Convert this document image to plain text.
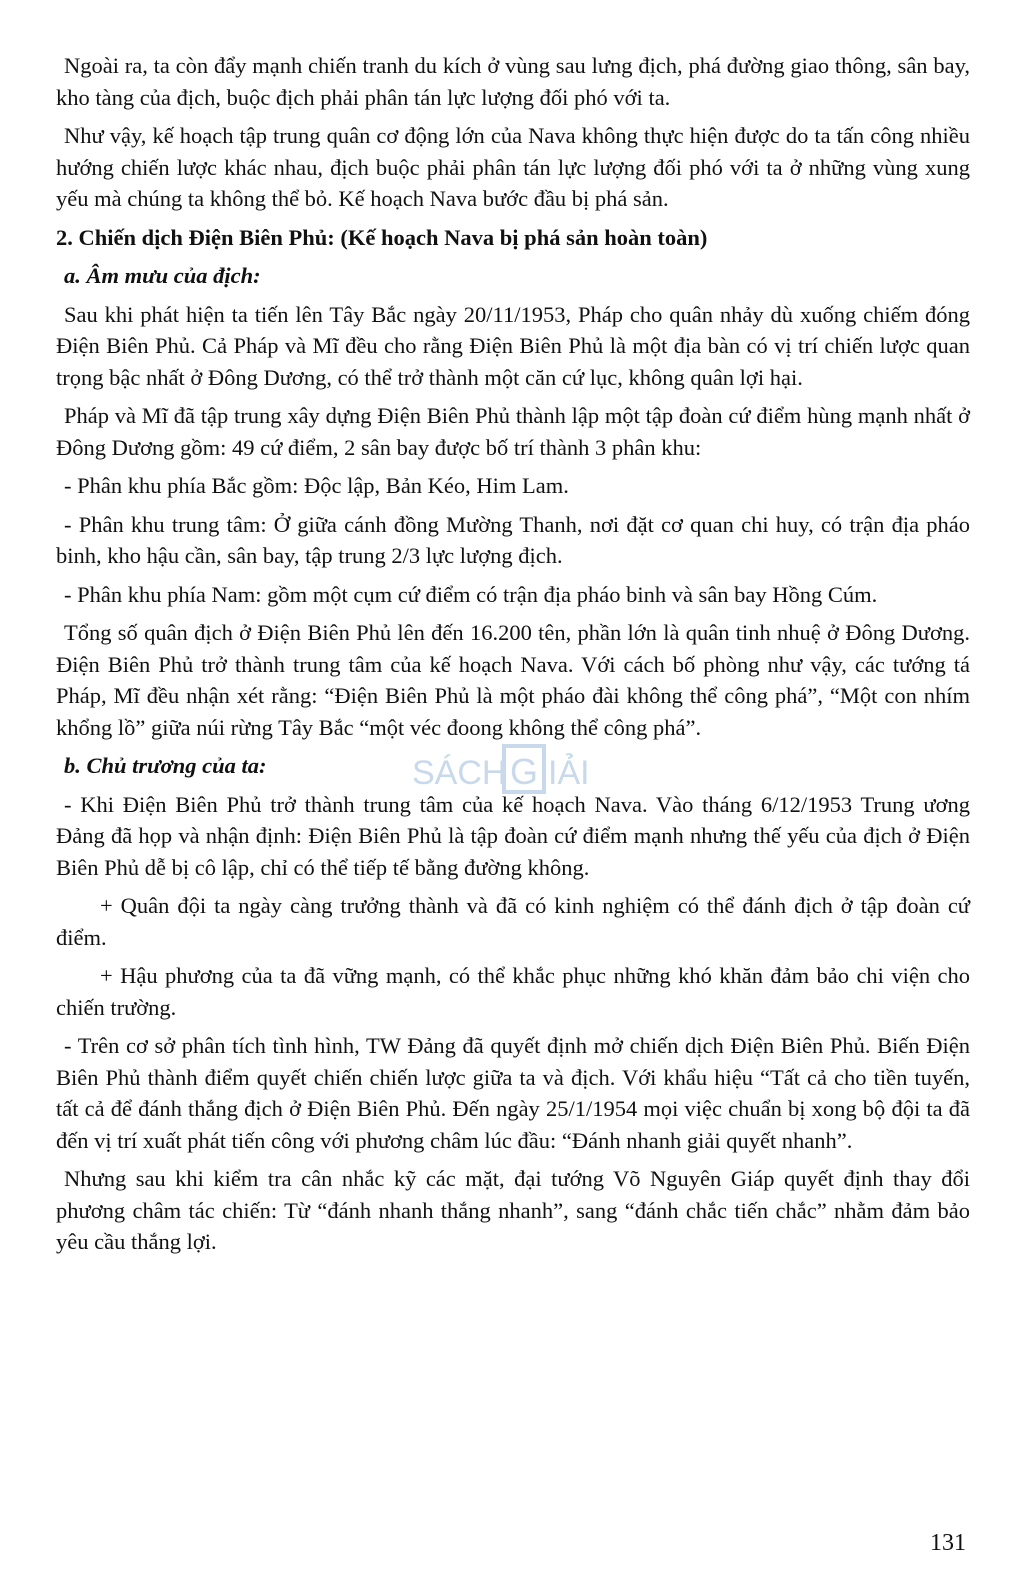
Ngoài ra, ta còn đẩy mạnh chiến tranh du kích ở vùng sau lưng địch, phá đường giao thông, sân bay, kho tàng của địch, buộc địch phải phân tán lực lượng đối phó với ta.

Như vậy, kế hoạch tập trung quân cơ động lớn của Nava không thực hiện được do ta tấn công nhiều hướng chiến lược khác nhau, địch buộc phải phân tán lực lượng đối phó với ta ở những vùng xung yếu mà chúng ta không thể bỏ. Kế hoạch Nava bước đầu bị phá sản.

2. Chiến dịch Điện Biên Phủ: (Kế hoạch Nava bị phá sản hoàn toàn)

a. Âm mưu của địch:

Sau khi phát hiện ta tiến lên Tây Bắc ngày 20/11/1953, Pháp cho quân nhảy dù xuống chiếm đóng Điện Biên Phủ. Cả Pháp và Mĩ đều cho rằng Điện Biên Phủ là một địa bàn có vị trí chiến lược quan trọng bậc nhất ở Đông Dương, có thể trở thành một căn cứ lục, không quân lợi hại.

Pháp và Mĩ đã tập trung xây dựng Điện Biên Phủ thành lập một tập đoàn cứ điểm hùng mạnh nhất ở Đông Dương gồm: 49 cứ điểm, 2 sân bay được bố trí thành 3 phân khu:

- Phân khu phía Bắc gồm: Độc lập, Bản Kéo, Him Lam.

- Phân khu trung tâm: Ở giữa cánh đồng Mường Thanh, nơi đặt cơ quan chi huy, có trận địa pháo binh, kho hậu cần, sân bay, tập trung 2/3 lực lượng địch.

- Phân khu phía Nam: gồm một cụm cứ điểm có trận địa pháo binh và sân bay Hồng Cúm.

Tổng số quân địch ở Điện Biên Phủ lên đến 16.200 tên, phần lớn là quân tinh nhuệ ở Đông Dương. Điện Biên Phủ trở thành trung tâm của kế hoạch Nava. Với cách bố phòng như vậy, các tướng tá Pháp, Mĩ đều nhận xét rằng: “Điện Biên Phủ là một pháo đài không thể công phá”, “Một con nhím khổng lồ” giữa núi rừng Tây Bắc “một véc đoong không thể công phá”.

b. Chủ trương của ta:

- Khi Điện Biên Phủ trở thành trung tâm của kế hoạch Nava. Vào tháng 6/12/1953 Trung ương Đảng đã họp và nhận định: Điện Biên Phủ là tập đoàn cứ điểm mạnh nhưng thế yếu của địch ở Điện Biên Phủ dễ bị cô lập, chỉ có thể tiếp tế bằng đường không.

+ Quân đội ta ngày càng trưởng thành và đã có kinh nghiệm có thể đánh địch ở tập đoàn cứ điểm.

+ Hậu phương của ta đã vững mạnh, có thể khắc phục những khó khăn đảm bảo chi viện cho chiến trường.

- Trên cơ sở phân tích tình hình, TW Đảng đã quyết định mở chiến dịch Điện Biên Phủ. Biến Điện Biên Phủ thành điểm quyết chiến chiến lược giữa ta và địch. Với khẩu hiệu “Tất cả cho tiền tuyến, tất cả để đánh thắng địch ở Điện Biên Phủ. Đến ngày 25/1/1954 mọi việc chuẩn bị xong bộ đội ta đã đến vị trí xuất phát tiến công với phương châm lúc đầu: “Đánh nhanh giải quyết nhanh”.

Nhưng sau khi kiểm tra cân nhắc kỹ các mặt, đại tướng Võ Nguyên Giáp quyết định thay đổi phương châm tác chiến: Từ “đánh nhanh thắng nhanh”, sang “đánh chắc tiến chắc” nhằm đảm bảo yêu cầu thắng lợi.

SÁCH G IẢI
131
